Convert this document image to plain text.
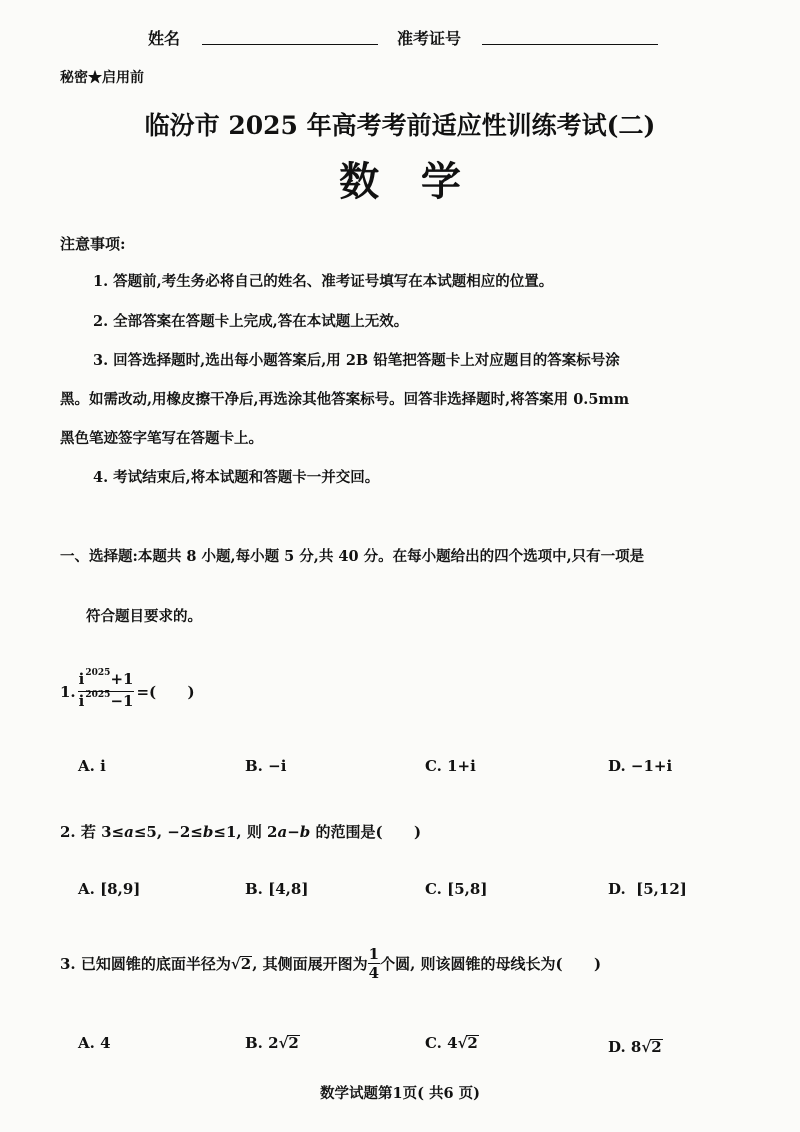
姓名	准考证号
秘密★启用前
临汾市 2025 年高考考前适应性训练考试(二)
数   学
注意事项:
1. 答题前,考生务必将自己的姓名、准考证号填写在本试题相应的位置。
2. 全部答案在答题卡上完成,答在本试题上无效。
3. 回答选择题时,选出每小题答案后,用 2B 铅笔把答题卡上对应题目的答案标号涂
黑。如需改动,用橡皮擦干净后,再选涂其他答案标号。回答非选择题时,将答案用 0.5mm
黑色笔迹签字笔写在答题卡上。
4. 考试结束后,将本试题和答题卡一并交回。
一、选择题:本题共 8 小题,每小题 5 分,共 40 分。在每小题给出的四个选项中,只有一项是
符合题目要求的。
1. $\frac{i^{2025}+1}{i^{2025}-1}$ =(      )
A. i	B. −i	C. 1+i	D. −1+i
2. 若 3≤a≤5, −2≤b≤1, 则 2a−b 的范围是(      )
A. [8,9]	B. [4,8]	C. [5,8]	D.  [5,12]
3. 已知圆锥的底面半径为 √ 2 , 其侧面展开图为 $\frac{1}{4}$ 个圆, 则该圆锥的母线长为(      )
A. 4	B. 2√2	C. 4√2	D. 8√2
数学试题第1页( 共6 页)
